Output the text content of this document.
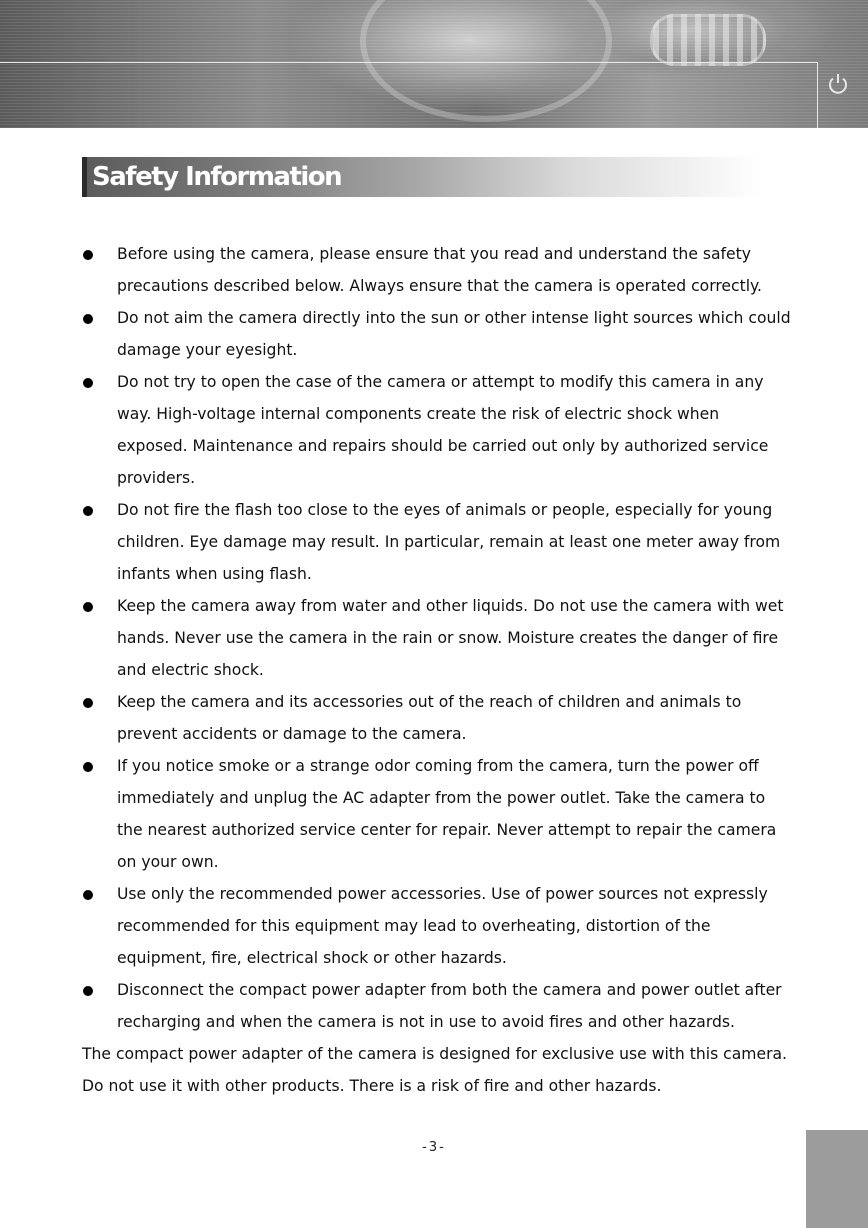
Safety Information
Before using the camera, please ensure that you read and understand the safety precautions described below. Always ensure that the camera is operated correctly.
Do not aim the camera directly into the sun or other intense light sources which could damage your eyesight.
Do not try to open the case of the camera or attempt to modify this camera in any way. High-voltage internal components create the risk of electric shock when exposed. Maintenance and repairs should be carried out only by authorized service providers.
Do not fire the flash too close to the eyes of animals or people, especially for young children. Eye damage may result. In particular, remain at least one meter away from infants when using flash.
Keep the camera away from water and other liquids. Do not use the camera with wet hands. Never use the camera in the rain or snow. Moisture creates the danger of fire and electric shock.
Keep the camera and its accessories out of the reach of children and animals to prevent accidents or damage to the camera.
If you notice smoke or a strange odor coming from the camera, turn the power off immediately and unplug the AC adapter from the power outlet. Take the camera to the nearest authorized service center for repair. Never attempt to repair the camera on your own.
Use only the recommended power accessories. Use of power sources not expressly recommended for this equipment may lead to overheating, distortion of the equipment, fire, electrical shock or other hazards.
Disconnect the compact power adapter from both the camera and power outlet after recharging and when the camera is not in use to avoid fires and other hazards.

The compact power adapter of the camera is designed for exclusive use with this camera.

Do not use it with other products. There is a risk of fire and other hazards.

-3-
